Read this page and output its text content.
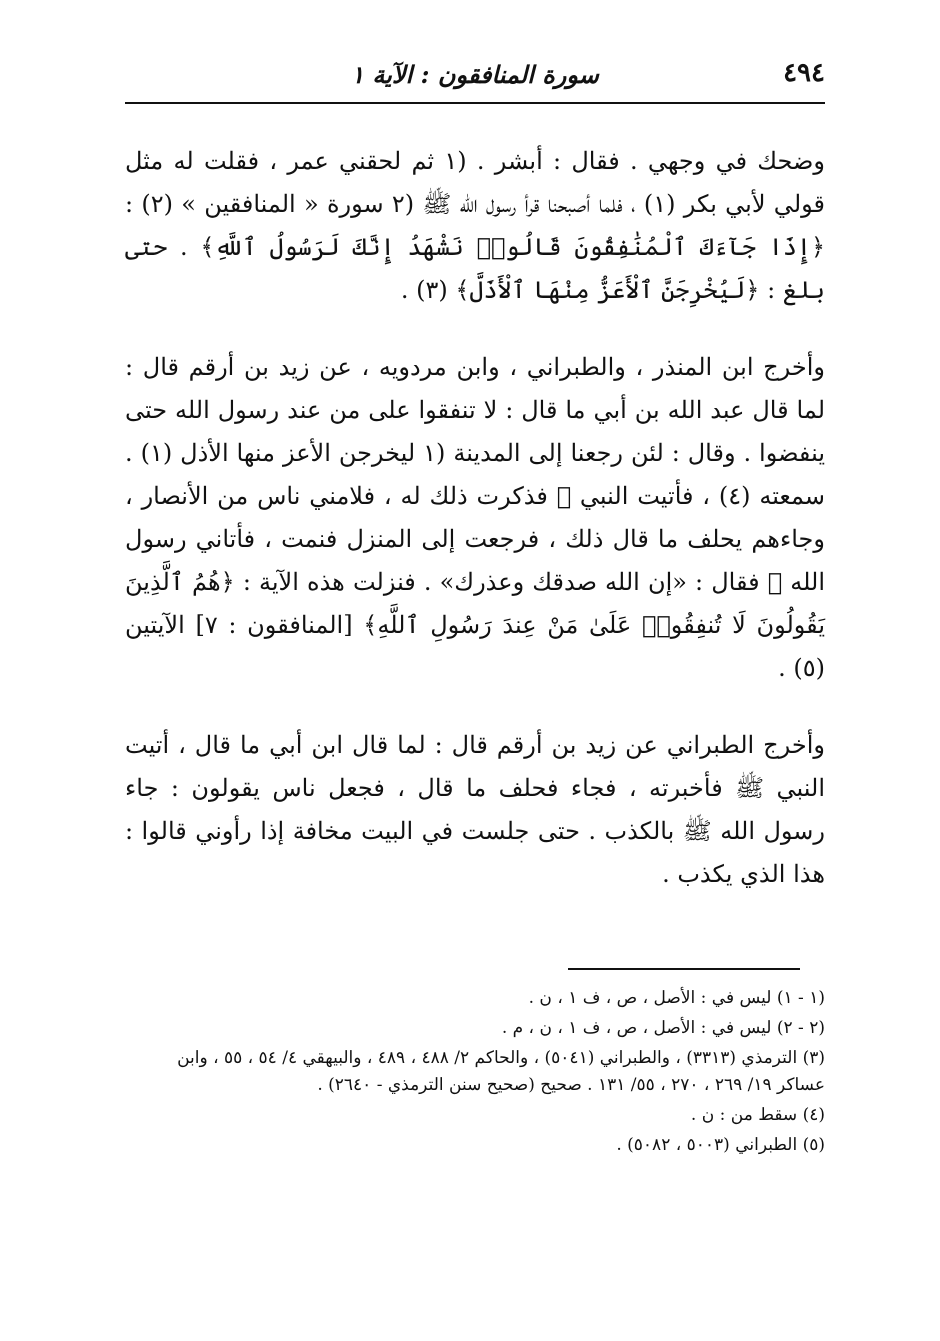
٤٩٤
سورة المنافقون : الآية ١

وضحك في وجهي . فقال : أبشر . (١ ثم لحقني عمر ، فقلت له مثل قولي لأبي بكر (١) ، فلما أصبحنا قرأ رسول الله ﷺ (٢ سورة « المنافقين » (٢) : ﴿إِذَا جَآءَكَ ٱلْمُنَٰفِقُونَ قَالُوا۟ نَشْهَدُ إِنَّكَ لَرَسُولُ ٱللَّهِ﴾ . حتى بلغ : ﴿لَيُخْرِجَنَّ ٱلْأَعَزُّ مِنْهَا ٱلْأَذَلَّ﴾ (٣) .

وأخرج ابن المنذر ، والطبراني ، وابن مردويه ، عن زيد بن أرقم قال : لما قال عبد الله بن أبي ما قال : لا تنفقوا على من عند رسول الله حتى ينفضوا . وقال : لئن رجعنا إلى المدينة (١ ليخرجن الأعز منها الأذل (١) . سمعته (٤) ، فأتيت النبي ﷺ فذكرت ذلك له ، فلامني ناس من الأنصار ، وجاءهم يحلف ما قال ذلك ، فرجعت إلى المنزل فنمت ، فأتاني رسول الله ﷺ فقال : «إن الله صدقك وعذرك» . فنزلت هذه الآية : ﴿هُمُ ٱلَّذِينَ يَقُولُونَ لَا تُنفِقُوا۟ عَلَىٰ مَنْ عِندَ رَسُولِ ٱللَّهِ﴾ [المنافقون : ٧] الآيتين (٥) .

وأخرج الطبراني عن زيد بن أرقم قال : لما قال ابن أبي ما قال ، أتيت النبي ﷺ فأخبرته ، فجاء فحلف ما قال ، فجعل ناس يقولون : جاء رسول الله ﷺ بالكذب . حتى جلست في البيت مخافة إذا رأوني قالوا : هذا الذي يكذب .

(١ - ١) ليس في : الأصل ، ص ، ف ١ ، ن .
(٢ - ٢) ليس في : الأصل ، ص ، ف ١ ، ن ، م .
(٣) الترمذي (٣٣١٣) ، والطبراني (٥٠٤١) ، والحاكم ٢/ ٤٨٨ ، ٤٨٩ ، والبيهقي ٤/ ٥٤ ، ٥٥ ، وابن عساكر ١٩/ ٢٦٩ ، ٢٧٠ ، ٥٥/ ١٣١ . صحيح (صحيح سنن الترمذي - ٢٦٤٠) .
(٤) سقط من : ن .
(٥) الطبراني (٥٠٠٣ ، ٥٠٨٢) .
